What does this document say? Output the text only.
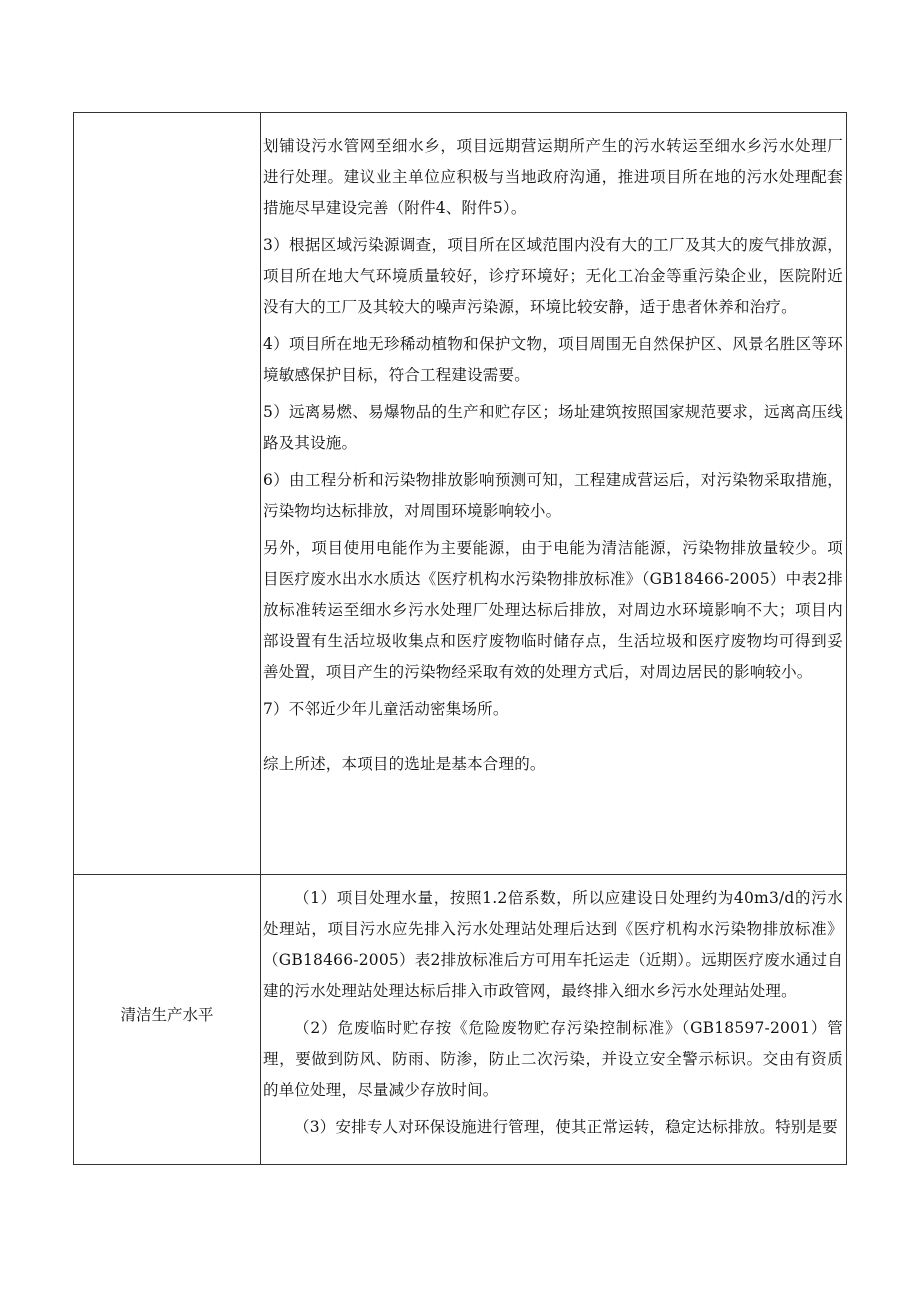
划铺设污水管网至细水乡，项目远期营运期所产生的污水转运至细水乡污水处理厂进行处理。建议业主单位应积极与当地政府沟通，推进项目所在地的污水处理配套措施尽早建设完善（附件4、附件5）。

3）根据区域污染源调查，项目所在区域范围内没有大的工厂及其大的废气排放源，项目所在地大气环境质量较好，诊疗环境好；无化工冶金等重污染企业，医院附近没有大的工厂及其较大的噪声污染源，环境比较安静，适于患者休养和治疗。

4）项目所在地无珍稀动植物和保护文物，项目周围无自然保护区、风景名胜区等环境敏感保护目标，符合工程建设需要。

5）远离易燃、易爆物品的生产和贮存区；场址建筑按照国家规范要求，远离高压线路及其设施。

6）由工程分析和污染物排放影响预测可知，工程建成营运后，对污染物采取措施，污染物均达标排放，对周围环境影响较小。

另外，项目使用电能作为主要能源，由于电能为清洁能源，污染物排放量较少。项目医疗废水出水水质达《医疗机构水污染物排放标准》（GB18466-2005）中表2排放标准转运至细水乡污水处理厂处理达标后排放，对周边水环境影响不大；项目内部设置有生活垃圾收集点和医疗废物临时储存点，生活垃圾和医疗废物均可得到妥善处置，项目产生的污染物经采取有效的处理方式后，对周边居民的影响较小。

7）不邻近少年儿童活动密集场所。

综上所述，本项目的选址是基本合理的。

清洁生产水平

（1）项目处理水量，按照1.2倍系数，所以应建设日处理约为40m3/d的污水处理站，项目污水应先排入污水处理站处理后达到《医疗机构水污染物排放标准》（GB18466-2005）表2排放标准后方可用车托运走（近期）。远期医疗废水通过自建的污水处理站处理达标后排入市政管网，最终排入细水乡污水处理站处理。

（2）危废临时贮存按《危险废物贮存污染控制标准》（GB18597-2001）管理，要做到防风、防雨、防渗，防止二次污染，并设立安全警示标识。交由有资质的单位处理，尽量减少存放时间。

（3）安排专人对环保设施进行管理，使其正常运转，稳定达标排放。特别是要
